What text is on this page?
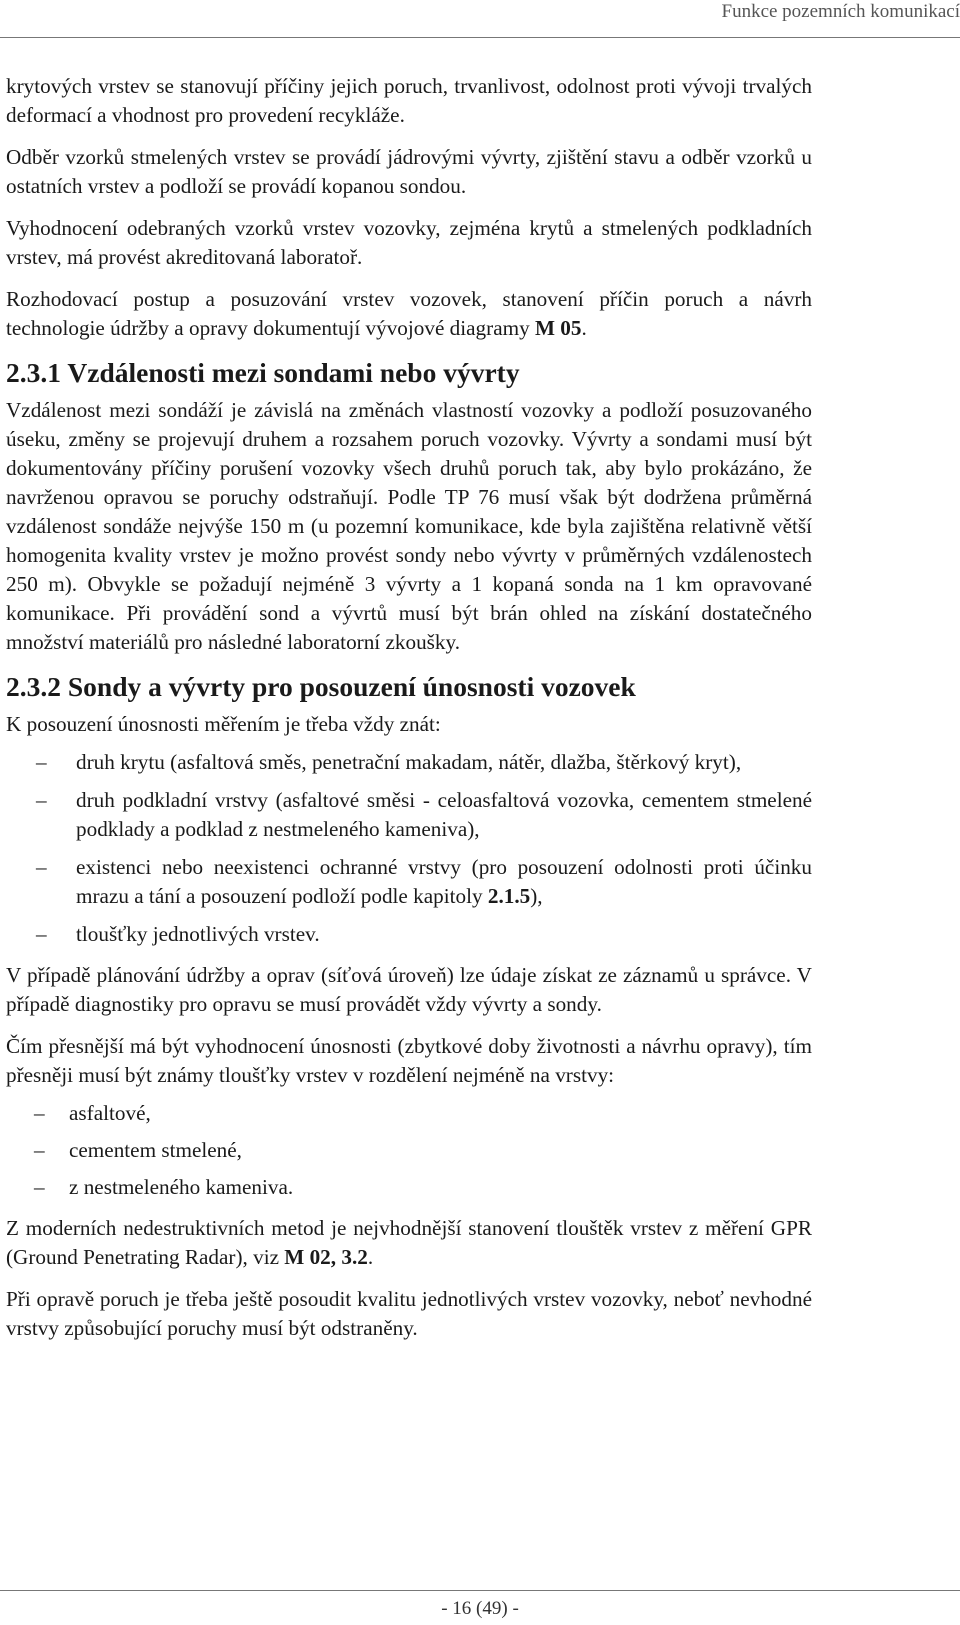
Funkce pozemních komunikací

krytových vrstev se stanovují příčiny jejich poruch, trvanlivost, odolnost proti vývoji trvalých deformací a vhodnost pro provedení recykláže.

Odběr vzorků stmelených vrstev se provádí jádrovými vývrty, zjištění stavu a odběr vzorků u ostatních vrstev a podloží se provádí kopanou sondou.

Vyhodnocení odebraných vzorků vrstev vozovky, zejména krytů a stmelených podkladních vrstev, má provést akreditovaná laboratoř.

Rozhodovací postup a posuzování vrstev vozovek, stanovení příčin poruch a návrh technologie údržby a opravy dokumentují vývojové diagramy M 05.

2.3.1 Vzdálenosti mezi sondami nebo vývrty

Vzdálenost mezi sondáží je závislá na změnách vlastností vozovky a podloží posuzovaného úseku, změny se projevují druhem a rozsahem poruch vozovky. Vývrty a sondami musí být dokumentovány příčiny porušení vozovky všech druhů poruch tak, aby bylo prokázáno, že navrženou opravou se poruchy odstraňují. Podle TP 76 musí však být dodržena průměrná vzdálenost sondáže nejvýše 150 m (u pozemní komunikace, kde byla zajištěna relativně větší homogenita kvality vrstev je možno provést sondy nebo vývrty v průměrných vzdálenostech 250 m). Obvykle se požadují nejméně 3 vývrty a 1 kopaná sonda na 1 km opravované komunikace. Při provádění sond a vývrtů musí být brán ohled na získání dostatečného množství materiálů pro následné laboratorní zkoušky.

2.3.2 Sondy a vývrty pro posouzení únosnosti vozovek

K posouzení únosnosti měřením je třeba vždy znát:

– druh krytu (asfaltová směs, penetrační makadam, nátěr, dlažba, štěrkový kryt),
– druh podkladní vrstvy (asfaltové směsi - celoasfaltová vozovka, cementem stmelené podklady a podklad z nestmeleného kameniva),
– existenci nebo neexistenci ochranné vrstvy (pro posouzení odolnosti proti účinku mrazu a tání a posouzení podloží podle kapitoly 2.1.5),
– tloušťky jednotlivých vrstev.

V případě plánování údržby a oprav (síťová úroveň) lze údaje získat ze záznamů u správce. V případě diagnostiky pro opravu se musí provádět vždy vývrty a sondy.

Čím přesnější má být vyhodnocení únosnosti (zbytkové doby životnosti a návrhu opravy), tím přesněji musí být známy tloušťky vrstev v rozdělení nejméně na vrstvy:

– asfaltové,
– cementem stmelené,
– z nestmeleného kameniva.

Z moderních nedestruktivních metod je nejvhodnější stanovení tlouštěk vrstev z měření GPR (Ground Penetrating Radar), viz M 02, 3.2.

Při opravě poruch je třeba ještě posoudit kvalitu jednotlivých vrstev vozovky, neboť nevhodné vrstvy způsobující poruchy musí být odstraněny.

- 16 (49) -
